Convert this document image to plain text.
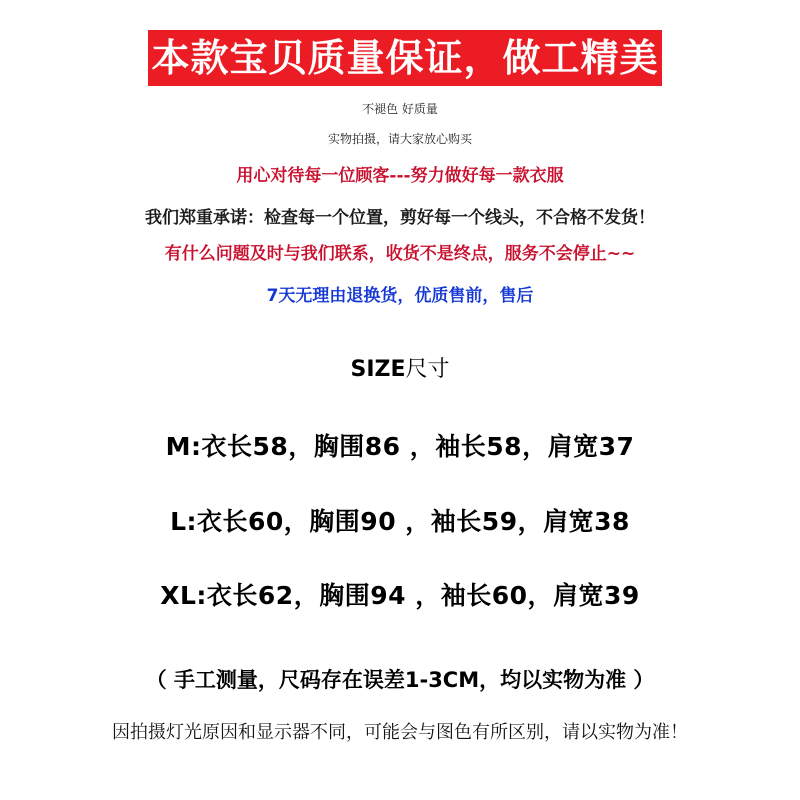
本款宝贝质量保证，做工精美
不褪色 好质量
实物拍摄，请大家放心购买
用心对待每一位顾客---努力做好每一款衣服
我们郑重承诺：检查每一个位置，剪好每一个线头，不合格不发货！
有什么问题及时与我们联系，收货不是终点，服务不会停止~~
7天无理由退换货，优质售前，售后
SIZE尺寸
M:衣长58，胸围86 ，袖长58，肩宽37
L:衣长60，胸围90 ，袖长59，肩宽38
XL:衣长62，胸围94 ，袖长60，肩宽39
（ 手工测量，尺码存在误差1-3CM，均以实物为准 ）
因拍摄灯光原因和显示器不同，可能会与图色有所区别，请以实物为准！
